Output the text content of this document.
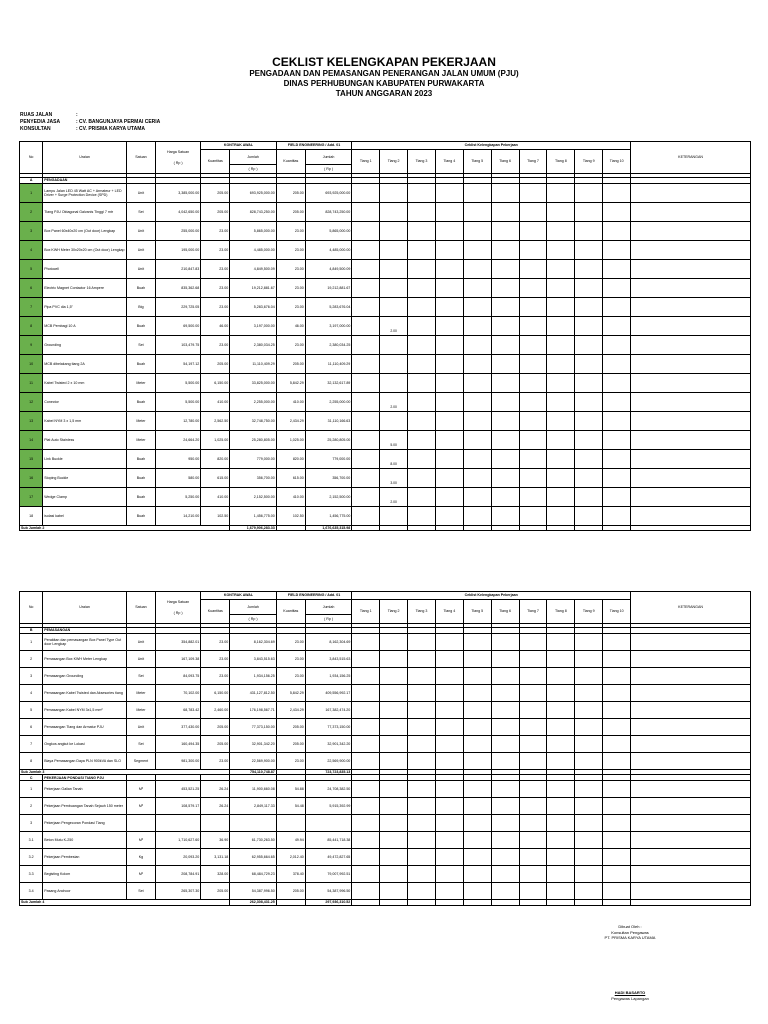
CEKLIST KELENGKAPAN PEKERJAAN
PENGADAAN DAN PEMASANGAN PENERANGAN JALAN UMUM (PJU)
DINAS PERHUBUNGAN KABUPATEN PURWAKARTA
TAHUN ANGGARAN 2023
RUAS JALAN	:
PENYEDIA JASA	: CV. BANGUNJAYA PERMAI CERIA
KONSULTAN	: CV. PRISMA KARYA UTAMA
No	Uraian	Satuan	Harga Satuan
( Rp )	KONTRAK AWAL		FIELD ENGINEERING / Add. 01		Ceklist Kelengkapan Pekerjaan										KETERANGAN
				Kuantitas	Jumlah	Kuantitas	Jumlah	Tiang 1	Tiang 2	Tiang 3	Tiang 4	Tiang 5	Tiang 6	Tiang 7	Tiang 8	Tiang 9	Tiang 10	
					( Rp )		( Rp )											

A	PENGADAAN																	
1	Lampu Jalan LED 45 Watt AC + Armateur + LED Driver + Surge Protection Device (SPD)	Unit	3,385,000.00	205.00	693,925,000.00	205.00	693,925,000.00											
2	Tiang PJU Oktagonal Galvanis Tinggi 7 mtr	Set	4,042,650.00	205.00	828,743,250.00	205.00	828,743,250.00											
3	Box Panel 60x40x20 cm (Out door) Lengkap	Unit	255,000.00	23.00	5,865,000.00	23.00	5,865,000.00											
4	Box KWH Meter 30x20x20 cm (Out door) Lengkap	Unit	195,000.00	23.00	4,485,000.00	23.00	4,485,000.00											
5	Photocell	Unit	210,847.83	23.00	4,849,500.09	23.00	4,849,500.09											
6	Electric Magnet Contactor 16 Ampere	Buah	835,362.68	23.00	19,212,881.67	23.00	19,212,881.67											
7	Pipa PVC dia 1,5"	Btg	229,725.05	23.00	5,283,676.04	23.00	5,283,676.04											
8	MCB Pembagi 10 A	Buah	69,500.00	46.00	3,197,000.00	46.00	3,197,000.00		2.00									

9	Grounding	Set	103,479.75	23.00	2,380,034.25	23.00	2,380,034.25											
10	MCB dibelakang tiang 2A	Buah	54,197.12	205.00	11,110,409.29	205.00	11,110,409.29											
11	Kabel Twisted 2 x 10 mm	Meter	5,500.00	6,150.00	33,825,000.00	5,842.29	32,132,617.89											
12	Conector	Buah	5,500.00	410.00	2,255,000.00	410.00	2,255,000.00		2.00									

13	Kabel NYM 3 x 1,5 mm	Meter	12,780.00	2,562.50	32,748,750.00	2,434.29	31,110,166.63											
14	Plat Auto Stainless	Meter	24,664.20	1,025.00	25,280,805.00	1,025.00	25,280,805.00		5.00									

15	Link Buckle	Buah	950.00	820.00	779,000.00	820.00	779,000.00		8.00									

16	Stoping Buckle	Buah	580.00	615.00	356,700.00	615.00	356,700.00		3.00									

17	Wedge Clamp	Buah	5,250.00	410.00	2,152,500.00	410.00	2,152,500.00		2.00									

18	isolasi kabel	Buah	14,210.00	102.50	1,456,775.00	102.50	1,456,775.00											
Sub Jumlah 2					1,679,906,283.33		1,676,635,315.98											
No	Uraian	Satuan	Harga Satuan
( Rp )	KONTRAK AWAL		FIELD ENGINEERING / Add. 01		Ceklist Kelengkapan Pekerjaan										KETERANGAN
				Kuantitas	Jumlah	Kuantitas	Jumlah	Tiang 1	Tiang 2	Tiang 3	Tiang 4	Tiang 5	Tiang 6	Tiang 7	Tiang 8	Tiang 9	Tiang 10	
					( Rp )		( Rp )											

B	PEMASANGAN																	
1	Perakitan dan pemasangan Box Panel Type Out door Lengkap	Unit	354,882.01	23.00	8,162,304.69	23.00	8,162,304.69											
2	Pemasangan Box KWH Meter Lengkap	Unit	167,109.38	23.00	3,843,515.63	23.00	3,843,515.63											
3	Pemasangan Grounding	Set	84,093.75	23.00	1,934,156.25	23.00	1,934,156.25											
4	Pemasangan Kabel Twisted dan Aksesories tiang	Meter	70,102.00	6,150.00	431,127,812.50	5,842.29	409,556,992.17											
5	Pemasangan Kabel NYM 3x1,5 mm²	Meter	68,783.42	2,460.00	176,198,567.71	2,434.29	167,382,474.20											
6	Pemasangan Tiang dan Armatur PJU	Unit	377,430.00	205.00	77,373,150.00	205.00	77,373,150.00											
7	Ongkos angkut ke Lokasi	Set	160,494.35	205.00	32,901,342.20	205.00	32,901,342.20											
8	Biaya Pemasangan Daya PLN 900kVA dan SLO	Segment	981,300.00	23.00	22,569,900.00	23.00	22,569,900.00											
Sub Jumlah 3					754,110,748.87		723,723,835.13											
C	PEKERJAAN PONDASI TIANG PJU																	
1	Pekerjaan Galian Tanah	M³	453,521.25	26.24	11,900,660.08	54.88	24,708,382.50											
2	Pekerjaan Pembuangan Tanah Sejauh 150 meter	M³	108,579.17	26.24	2,849,117.33	54.48	5,915,392.99											
3	Pekerjaan Pengecoran Pondasi Tiang																	
3.1	Beton Mutu K-250	M³	1,710,627.60	36.90	61,730,263.50	49.94	85,441,718.38											
3.2	Pekerjaan Pembesian	Kg	20,093.20	3,131.18	62,955,664.65	2,012.40	49,472,827.65											
3.3	Begisting Kolom	M²	208,784.91	328.00	68,484,729.23	378.40	79,007,992.51											
3.4	Pasang Anchoor	Set	265,307.30	205.00	54,387,996.50	205.00	54,387,996.50											
Sub Jumlah 4					262,308,431.25		297,936,310.52											
Dibuat Oleh :
Konsultan Pengawas
PT. PRISMA KARYA UTAMA
HADI BASARTO
Pengawas Lapangan
